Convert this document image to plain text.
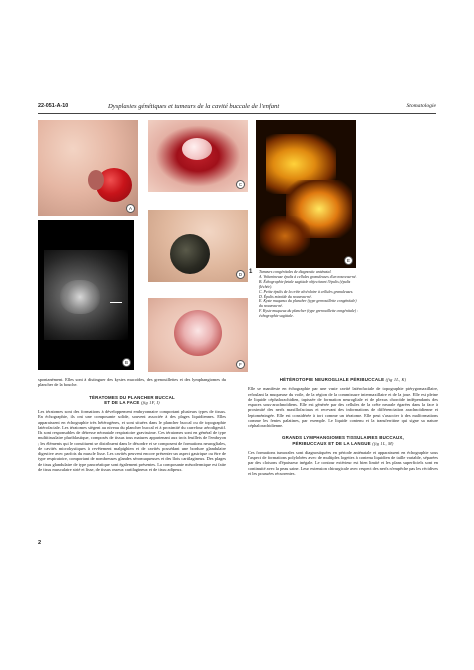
22-051-A-10	Dysplasies génétiques et tumeurs de la cavité buccale de l'enfant	Stomatologie
A
B
C
D
E
F
1 Tumeurs congénitales de diagnostic anténatal.

A. Volumineuse épulis à cellules granuleuses d'un nouveau-né.

B. Échographie fœtale sagittale objectivant l'épulis (épulis fléchée).

C. Petite épulis de la crête alvéolaire à cellules granuleuses.

D. Épulis mixoïde du nouveau-né.

E. Kyste muqueux du plancher (type grenouillette congénitale) du nouveau-né.

F. Kyste muqueux du plancher (type grenouillette congénitale) : échographie sagittale.

spontanément. Elles sont à distinguer des kystes mucoïdes, des grenouillettes et des lymphangiomes du plancher de la bouche.

TÉRATOMES DU PLANCHER BUCCAL
ET DE LA FACE (fig 1F, I)

Les tératomes sont des formations à développement embryonnaire comportant plusieurs types de tissus. En échographie, ils ont une composante solide, souvent associée à des plages liquidiennes. Elles apparaissent en échographie très hétérogènes, et sont situées dans le plancher buccal ou de topographie latérofaciale. Les tératomes siègent au niveau du plancher buccal et à proximité du carrefour aérodigestif. Ils sont responsables de détresse néonatale respiratoire gravissime. Ces tératomes sont en général de type multitissulaire pluriblastique, composés de tissus tous matures appartenant aux trois feuillets de l'embryon ; les éléments qui le constituent se distribuent dans le désordre et se composent de formations neurogliales, de cavités microkystiques à revêtement malpighien et de cavités possédant une bordure glandulaire digestive avec parfois du muscle lisse. Les cavités peuvent encore présenter un aspect gastrique ou être de type respiratoire, comportant de nombreuses glandes séromuqueuses et des îlots cartilagineux. Des plages de tissu glandulaire de type pancréatique sont également présentes. La composante mésodermique est faite de tissu musculaire strié et lisse, de tissus osseux cartilagineux et de tissu adipeux.

HÉTÉROTOPIE NEUROGLIALE PÉRIBUCCALE (fig 1L, K)

Elle se manifeste en échographie par une vaste cavité latérofaciale de topographie ptérygomaxillaire, refoulant la muqueuse du voile, de la région de la commissure intermaxillaire et de la joue. Elle est pleine de liquide céphalorachidien, tapissée de formation neurogliale et de plexus choroïde indépendants des espaces sous-arachnoïdiens. Elle est générée par des cellules de la crête neurale égarées dans la face à proximité des nerfs maxillofaciaux et recevant des informations de différenciation arachnoïdienne et leptoméningée. Elle est considérée à tort comme un tératome. Elle peut s'associer à des malformations comme les fentes palatines, par exemple. Le liquide contenu et la transferritine qui signe sa nature céphalorachidienne.

GRANDS LYMPHANGIOMES TISSULAIRES BUCCAUX,
PÉRIBUCCAUX ET DE LA LANGUE (fig 1L, M)

Ces formations tumorales sont diagnostiquées en période anténatale et apparaissent en échographie sous l'aspect de formations polylobées avec de multiples logettes à contenu liquidien de taille variable, séparées par des cloisons d'épaisseur inégale. Le contour extérieur est bien limité et les plans superficiels sont en continuité avec la peau saine. Leur extension chirurgicale avec respect des nerfs n'empêche pas les récidives et les poussées récurrentes.

2
